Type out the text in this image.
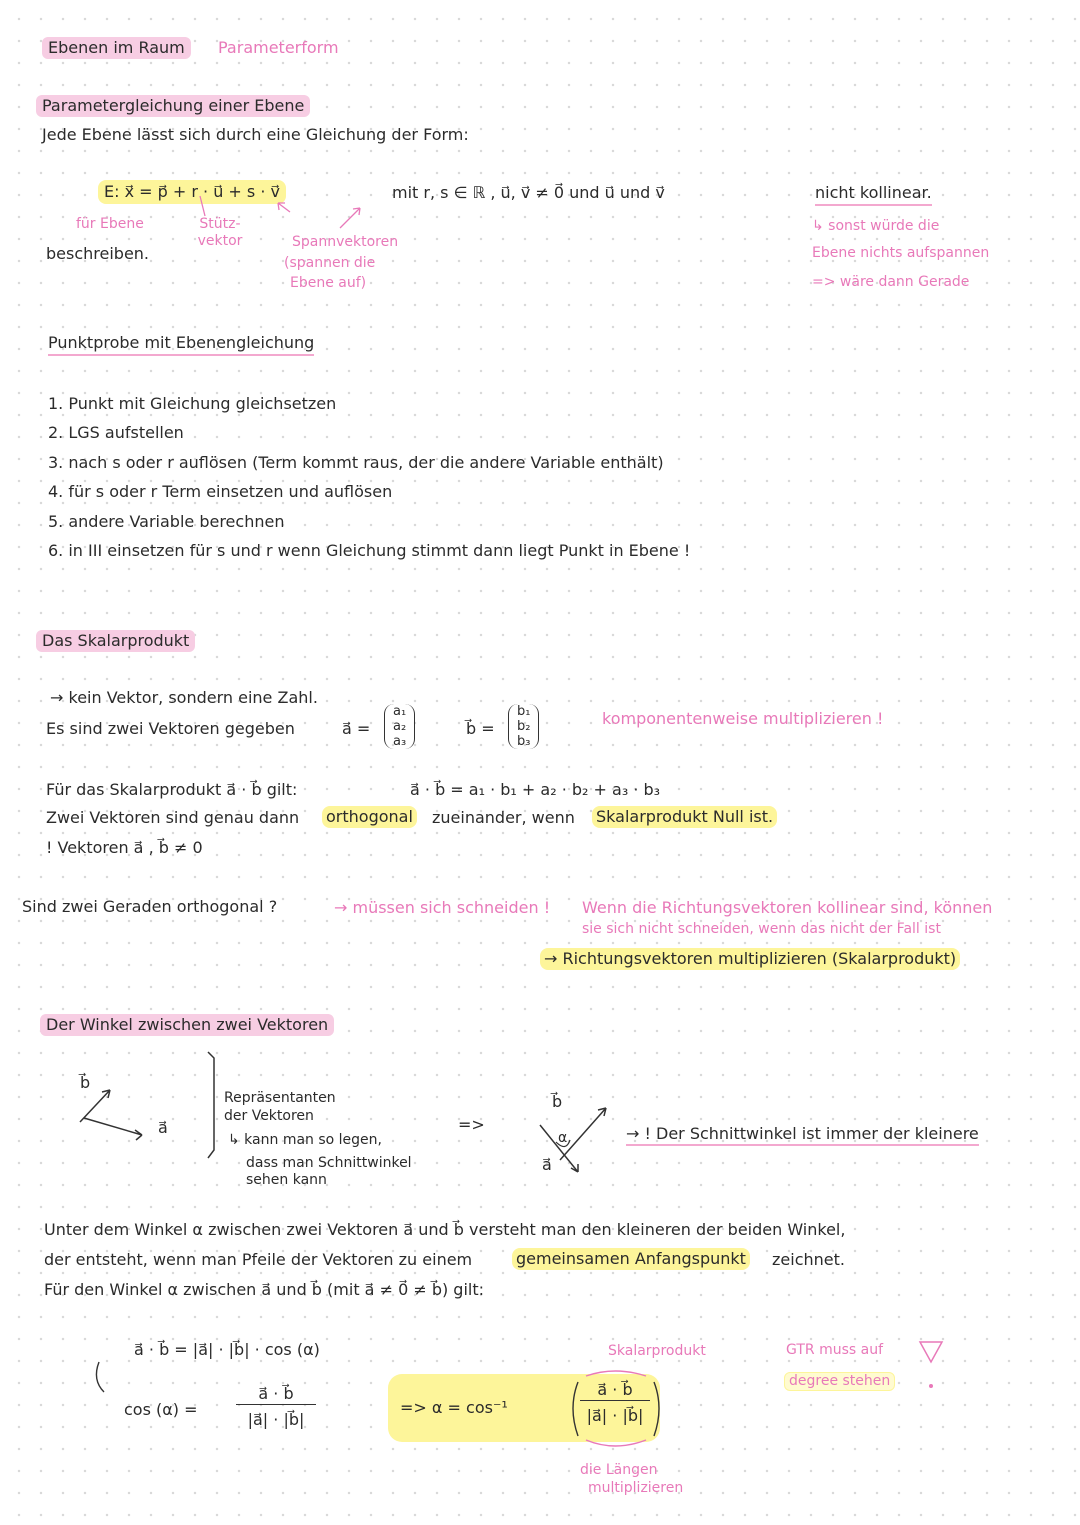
Ebenen im Raum	Parameterform
Parametergleichung einer Ebene
Jede Ebene lässt sich durch eine Gleichung der Form:
E: x⃗ = p⃗ + r · u⃗ + s · v⃗	mit r, s ∈ ℝ , u⃗, v⃗ ≠ 0⃗ und u⃗ und v⃗	nicht kollinear.
für Ebene	Stütz-vektor	Spannvektoren
(spannen die
Ebene auf)
beschreiben.
↳ sonst würde die
Ebene nichts aufspannen
=> wäre dann Gerade
Punktprobe mit Ebenengleichung
1. Punkt mit Gleichung gleichsetzen
2. LGS aufstellen
3. nach s oder r auflösen (Term kommt raus, der die andere Variable enthält)
4. für s oder r Term einsetzen und auflösen
5. andere Variable berechnen
6. in III einsetzen für s und r wenn Gleichung stimmt dann liegt Punkt in Ebene !
Das Skalarprodukt
→ kein Vektor, sondern eine Zahl.
Es sind zwei Vektoren gegeben	a⃗ =
a₁
a₂
a₃
b⃗ =
b₁
b₂
b₃
komponentenweise multiplizieren !
Für das Skalarprodukt a⃗ · b⃗ gilt:	a⃗ · b⃗ = a₁ · b₁ + a₂ · b₂ + a₃ · b₃
Zwei Vektoren sind genau dann orthogonal zueinander, wenn Skalarprodukt Null ist.
! Vektoren a⃗ , b⃗ ≠ 0
Sind zwei Geraden orthogonal ?	→ müssen sich schneiden ! Wenn die Richtungsvektoren kollinear sind, können
sie sich nicht schneiden, wenn das nicht der Fall ist
→ Richtungsvektoren multiplizieren (Skalarprodukt)
Der Winkel zwischen zwei Vektoren
b⃗
a⃗
Repräsentanten
der Vektoren
↳ kann man so legen,
dass man Schnittwinkel
sehen kann
=>
b⃗
a⃗
α	→ ! Der Schnittwinkel ist immer der kleinere
Unter dem Winkel α zwischen zwei Vektoren a⃗ und b⃗ versteht man den kleineren der beiden Winkel,
der entsteht, wenn man Pfeile der Vektoren zu einem	gemeinsamen Anfangspunkt zeichnet.
Für den Winkel α zwischen a⃗ und b⃗ (mit a⃗ ≠ 0⃗ ≠ b⃗) gilt:
a⃗ · b⃗ = |a⃗| · |b⃗| · cos (α)
cos (α) =
a⃗ · b⃗
|a⃗| · |b⃗|
=> α = cos⁻¹
a⃗ · b⃗
|a⃗| · |b⃗|
Skalarprodukt
die Längen
multiplizieren
GTR muss auf
degree stehen
